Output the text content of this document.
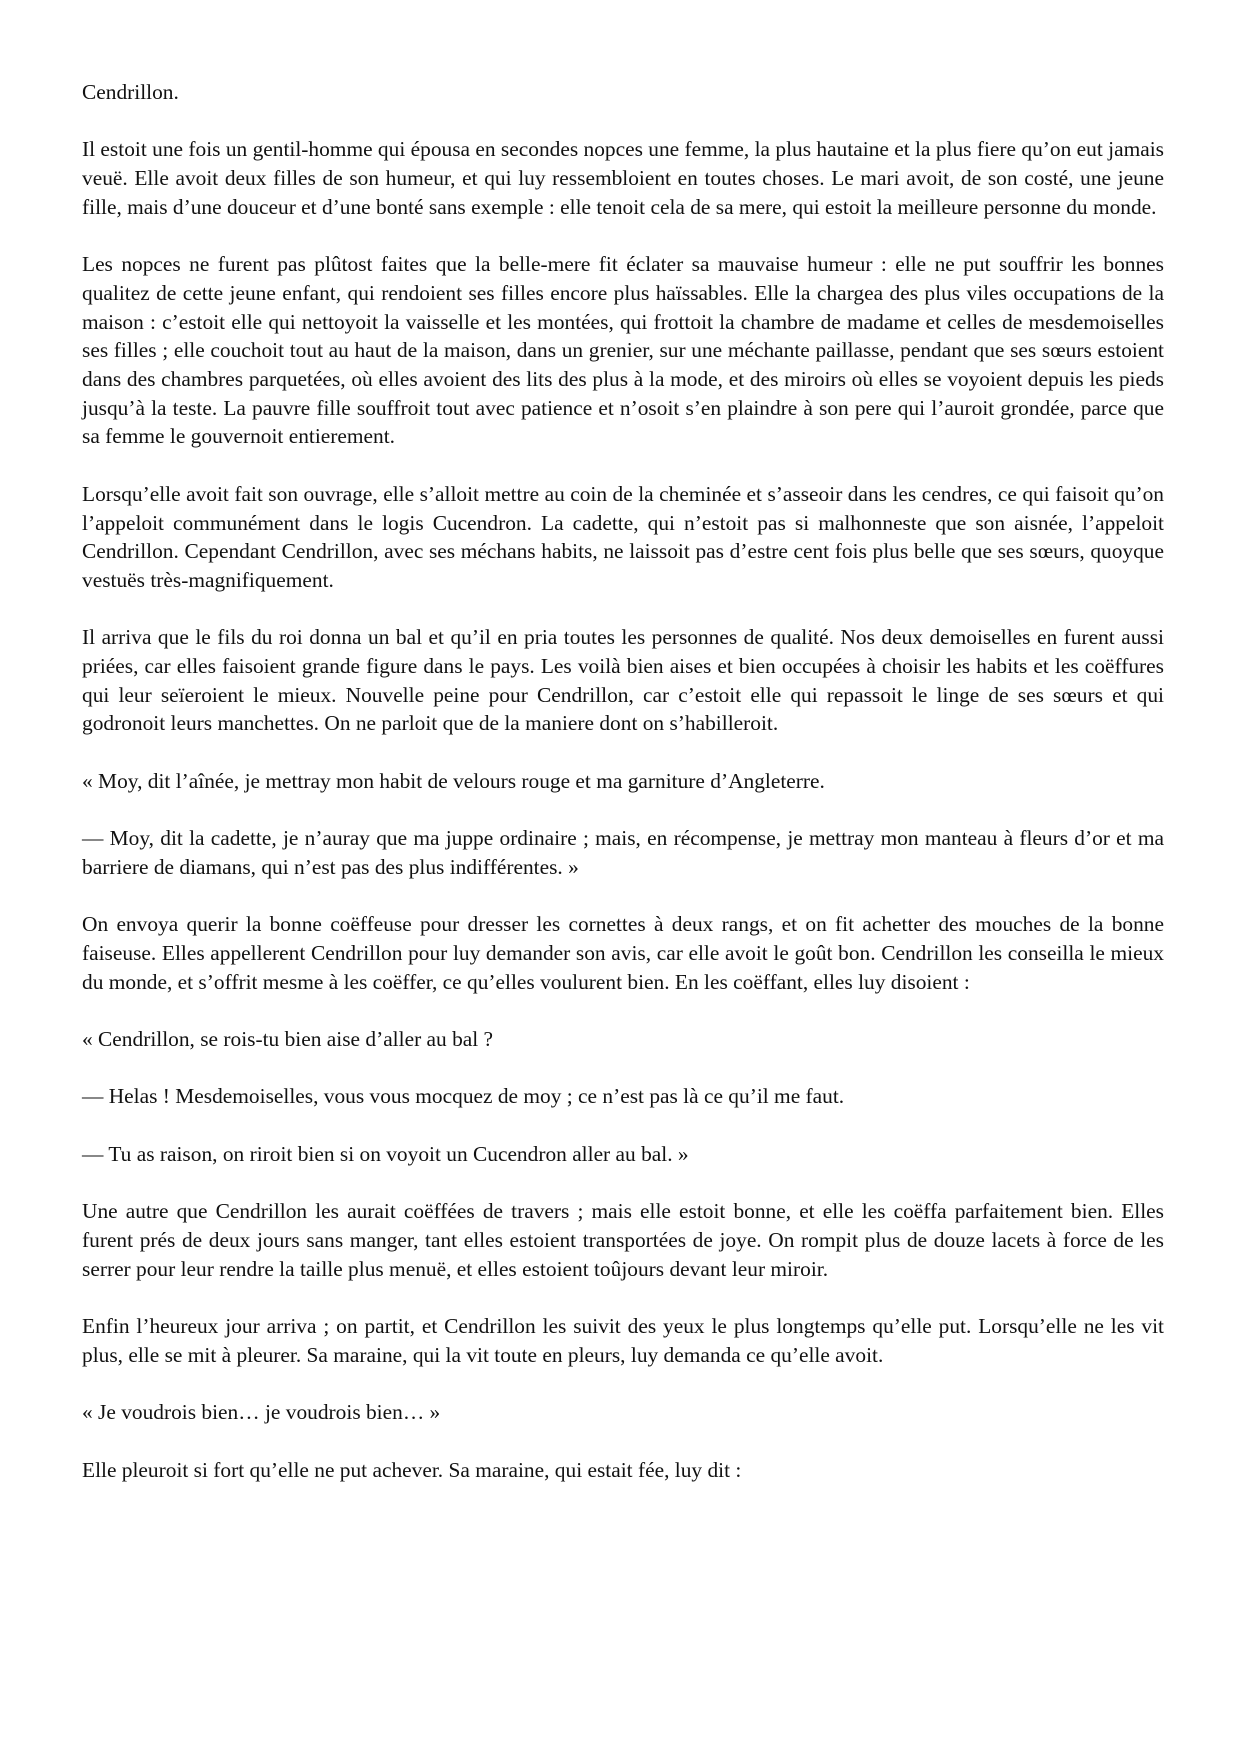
Cendrillon.

Il estoit une fois un gentil-homme qui épousa en secondes nopces une femme, la plus hautaine et la plus fiere qu’on eut jamais veuë. Elle avoit deux filles de son humeur, et qui luy ressembloient en toutes choses. Le mari avoit, de son costé, une jeune fille, mais d’une douceur et d’une bonté sans exemple : elle tenoit cela de sa mere, qui estoit la meilleure personne du monde.

Les nopces ne furent pas plûtost faites que la belle-mere fit éclater sa mauvaise humeur : elle ne put souffrir les bonnes qualitez de cette jeune enfant, qui rendoient ses filles encore plus haïssables. Elle la chargea des plus viles occupations de la maison : c’estoit elle qui nettoyoit la vaisselle et les montées, qui frottoit la chambre de madame et celles de mesdemoiselles ses filles ; elle couchoit tout au haut de la maison, dans un grenier, sur une méchante paillasse, pendant que ses sœurs estoient dans des chambres parquetées, où elles avoient des lits des plus à la mode, et des miroirs où elles se voyoient depuis les pieds jusqu’à la teste. La pauvre fille souffroit tout avec patience et n’osoit s’en plaindre à son pere qui l’auroit grondée, parce que sa femme le gouvernoit entierement.

Lorsqu’elle avoit fait son ouvrage, elle s’alloit mettre au coin de la cheminée et s’asseoir dans les cendres, ce qui faisoit qu’on l’appeloit communément dans le logis Cucendron. La cadette, qui n’estoit pas si malhonneste que son aisnée, l’appeloit Cendrillon. Cependant Cendrillon, avec ses méchans habits, ne laissoit pas d’estre cent fois plus belle que ses sœurs, quoyque vestuës très-magnifiquement.

Il arriva que le fils du roi donna un bal et qu’il en pria toutes les personnes de qualité. Nos deux demoiselles en furent aussi priées, car elles faisoient grande figure dans le pays. Les voilà bien aises et bien occupées à choisir les habits et les coëffures qui leur seïeroient le mieux. Nouvelle peine pour Cendrillon, car c’estoit elle qui repassoit le linge de ses sœurs et qui godronoit leurs manchettes. On ne parloit que de la maniere dont on s’habilleroit.

« Moy, dit l’aînée, je mettray mon habit de velours rouge et ma garniture d’Angleterre.

— Moy, dit la cadette, je n’auray que ma juppe ordinaire ; mais, en récompense, je mettray mon manteau à fleurs d’or et ma barriere de diamans, qui n’est pas des plus indifférentes. »

On envoya querir la bonne coëffeuse pour dresser les cornettes à deux rangs, et on fit achetter des mouches de la bonne faiseuse. Elles appellerent Cendrillon pour luy demander son avis, car elle avoit le goût bon. Cendrillon les conseilla le mieux du monde, et s’offrit mesme à les coëffer, ce qu’elles voulurent bien. En les coëffant, elles luy disoient :

« Cendrillon, se rois-tu bien aise d’aller au bal ?

— Helas ! Mesdemoiselles, vous vous mocquez de moy ; ce n’est pas là ce qu’il me faut.

— Tu as raison, on riroit bien si on voyoit un Cucendron aller au bal. »

Une autre que Cendrillon les aurait coëffées de travers ; mais elle estoit bonne, et elle les coëffa parfaitement bien. Elles furent prés de deux jours sans manger, tant elles estoient transportées de joye. On rompit plus de douze lacets à force de les serrer pour leur rendre la taille plus menuë, et elles estoient toûjours devant leur miroir.

Enfin l’heureux jour arriva ; on partit, et Cendrillon les suivit des yeux le plus longtemps qu’elle put. Lorsqu’elle ne les vit plus, elle se mit à pleurer. Sa maraine, qui la vit toute en pleurs, luy demanda ce qu’elle avoit.

« Je voudrois bien… je voudrois bien… »

Elle pleuroit si fort qu’elle ne put achever. Sa maraine, qui estait fée, luy dit :
